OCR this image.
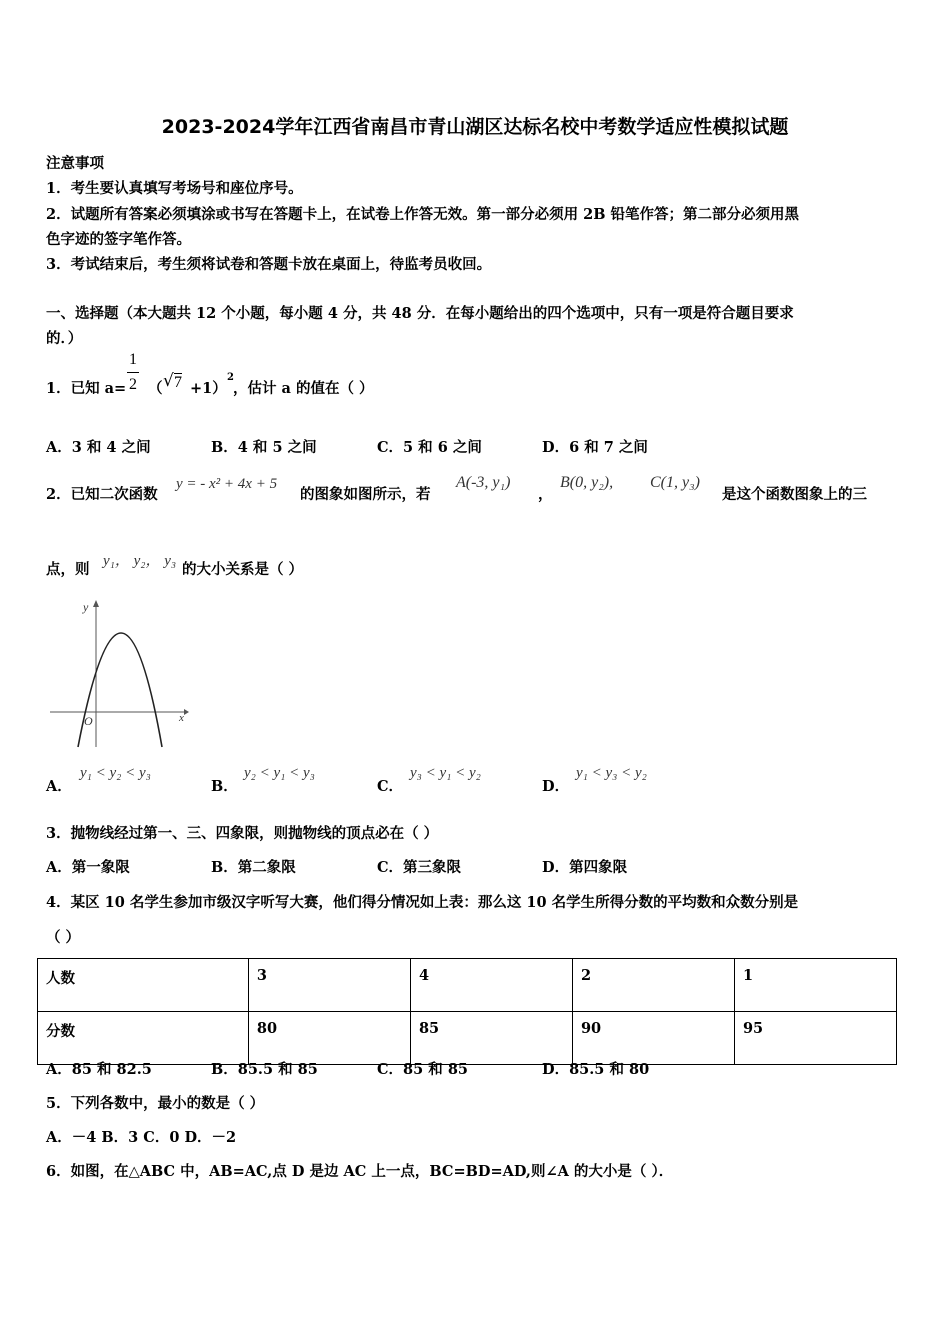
2023-2024学年江西省南昌市青山湖区达标名校中考数学适应性模拟试题
注意事项
1．考生要认真填写考场号和座位序号。
2．试题所有答案必须填涂或书写在答题卡上，在试卷上作答无效。第一部分必须用 2B 铅笔作答；第二部分必须用黑
色字迹的签字笔作答。
3．考试结束后，考生须将试卷和答题卡放在桌面上，待监考员收回。
一、选择题（本大题共 12 个小题，每小题 4 分，共 48 分．在每小题给出的四个选项中，只有一项是符合题目要求
的．）
1．已知 a=
1
2 （ √ 7 +1）
2
，估计 a 的值在（ ）
A．3 和 4 之间	B．4 和 5 之间	C．5 和 6 之间	D．6 和 7 之间
2．已知二次函数
y = - x² + 4x + 5
的图象如图所示，若
A(-3, y₁)
，
B(0, y₂), C(1, y₃)
是这个函数图象上的三
点，则 y₁， y₂， y₃ 的大小关系是（ ）
y
x
O
A．
y₁ < y₂ < y₃
B．
y₂ < y₁ < y₃
C．
y₃ < y₁ < y₂
D．
y₁ < y₃ < y₂
3．抛物线经过第一、三、四象限，则抛物线的顶点必在（ ）
A．第一象限	B．第二象限	C．第三象限	D．第四象限
4．某区 10 名学生参加市级汉字听写大赛，他们得分情况如上表：那么这 10 名学生所得分数的平均数和众数分别是
（ ）
人数	3	4	2	1
分数	80	85	90	95
A．85 和 82.5	B．85.5 和 85	C．85 和 85	D．85.5 和 80
5．下列各数中，最小的数是（ ）
A．－4 B．3 C．0 D．－2
6．如图，在△ABC 中，AB=AC,点 D 是边 AC 上一点，BC=BD=AD,则∠A 的大小是（ ）．
